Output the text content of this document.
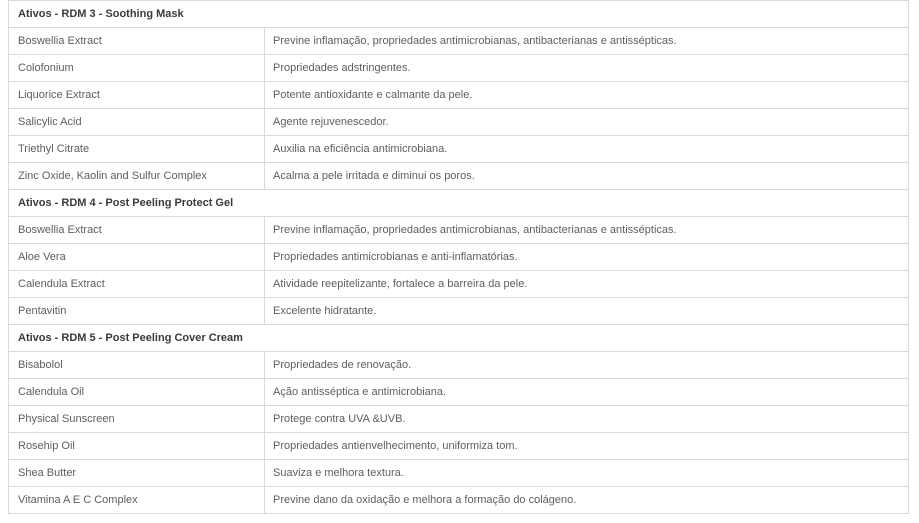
Ativos - RDM 3 - Soothing Mask
Boswellia Extract	Previne inflamação, propriedades antimicrobianas, antibacterianas e antissépticas.
Colofonium	Propriedades adstringentes.
Liquorice Extract	Potente antioxidante e calmante da pele.
Salicylic Acid	Agente rejuvenescedor.
Triethyl Citrate	Auxilia na eficiência antimicrobiana.
Zinc Oxide, Kaolin and Sulfur Complex	Acalma a pele irritada e diminui os poros.
Ativos - RDM 4 - Post Peeling Protect Gel
Boswellia Extract	Previne inflamação, propriedades antimicrobianas, antibacterianas e antissépticas.
Aloe Vera	Propriedades antimicrobianas e anti-inflamatórias.
Calendula Extract	Atividade reepitelizante, fortalece a barreira da pele.
Pentavitin	Excelente hidratante.
Ativos - RDM 5 - Post Peeling Cover Cream
Bisabolol	Propriedades de renovação.
Calendula Oil	Ação antisséptica e antimicrobiana.
Physical Sunscreen	Protege contra UVA &UVB.
Rosehip Oil	Propriedades antienvelhecimento, uniformiza tom.
Shea Butter	Suaviza e melhora textura.
Vitamina A E C Complex	Previne dano da oxidação e melhora a formação do colágeno.
